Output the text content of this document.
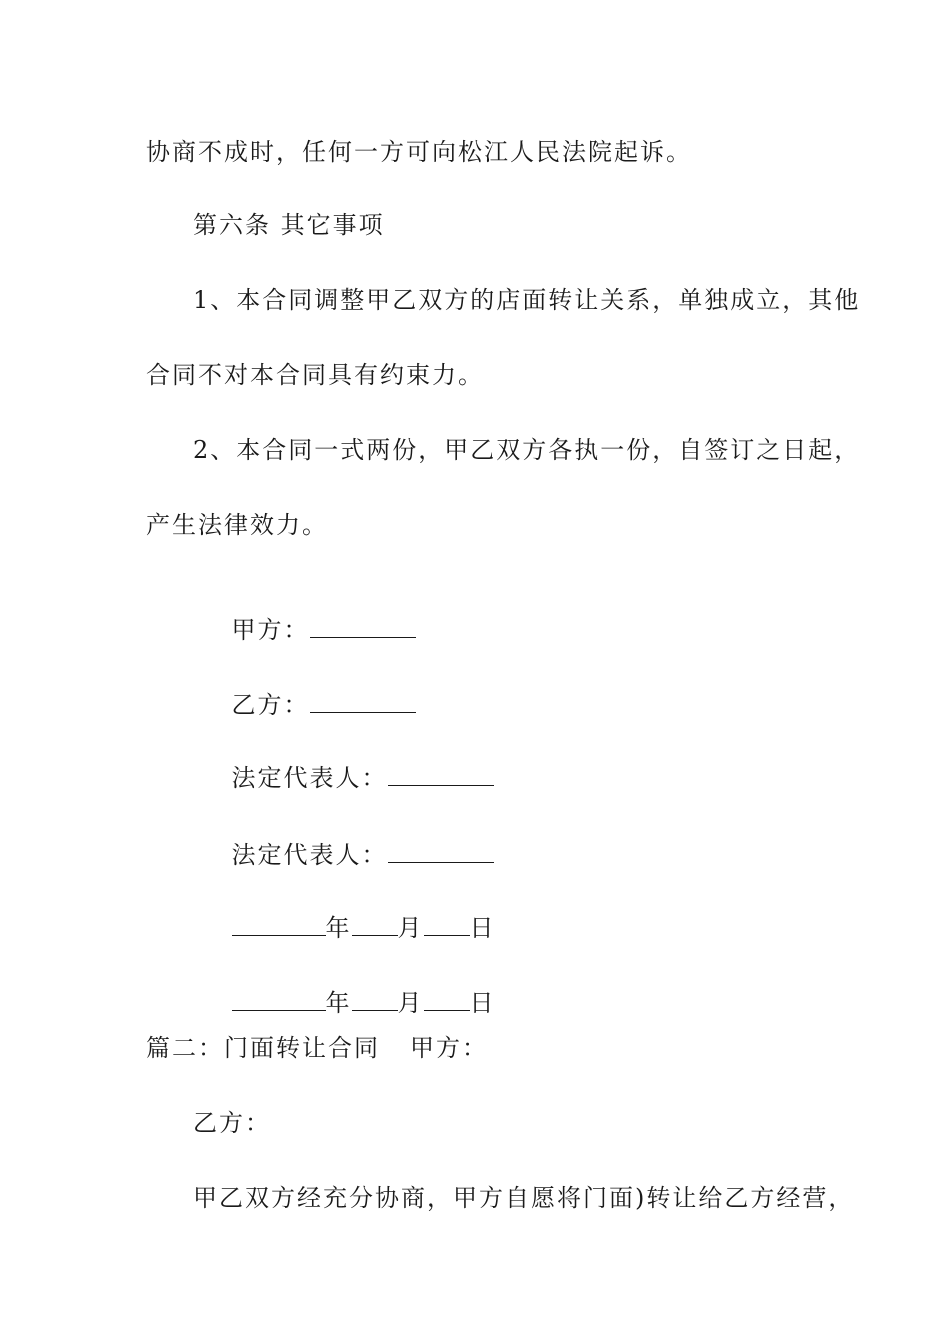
协商不成时，任何一方可向松江人民法院起诉。
第六条 其它事项
1、本合同调整甲乙双方的店面转让关系，单独成立，其他
合同不对本合同具有约束力。
2、本合同一式两份，甲乙双方各执一份，自签订之日起，
产生法律效力。

甲方：

乙方：

法定代表人：

法定代表人：

年 月 日

年 月 日

篇二：门面转让合同 甲方：
乙方：
甲乙双方经充分协商，甲方自愿将门面)转让给乙方经营，
